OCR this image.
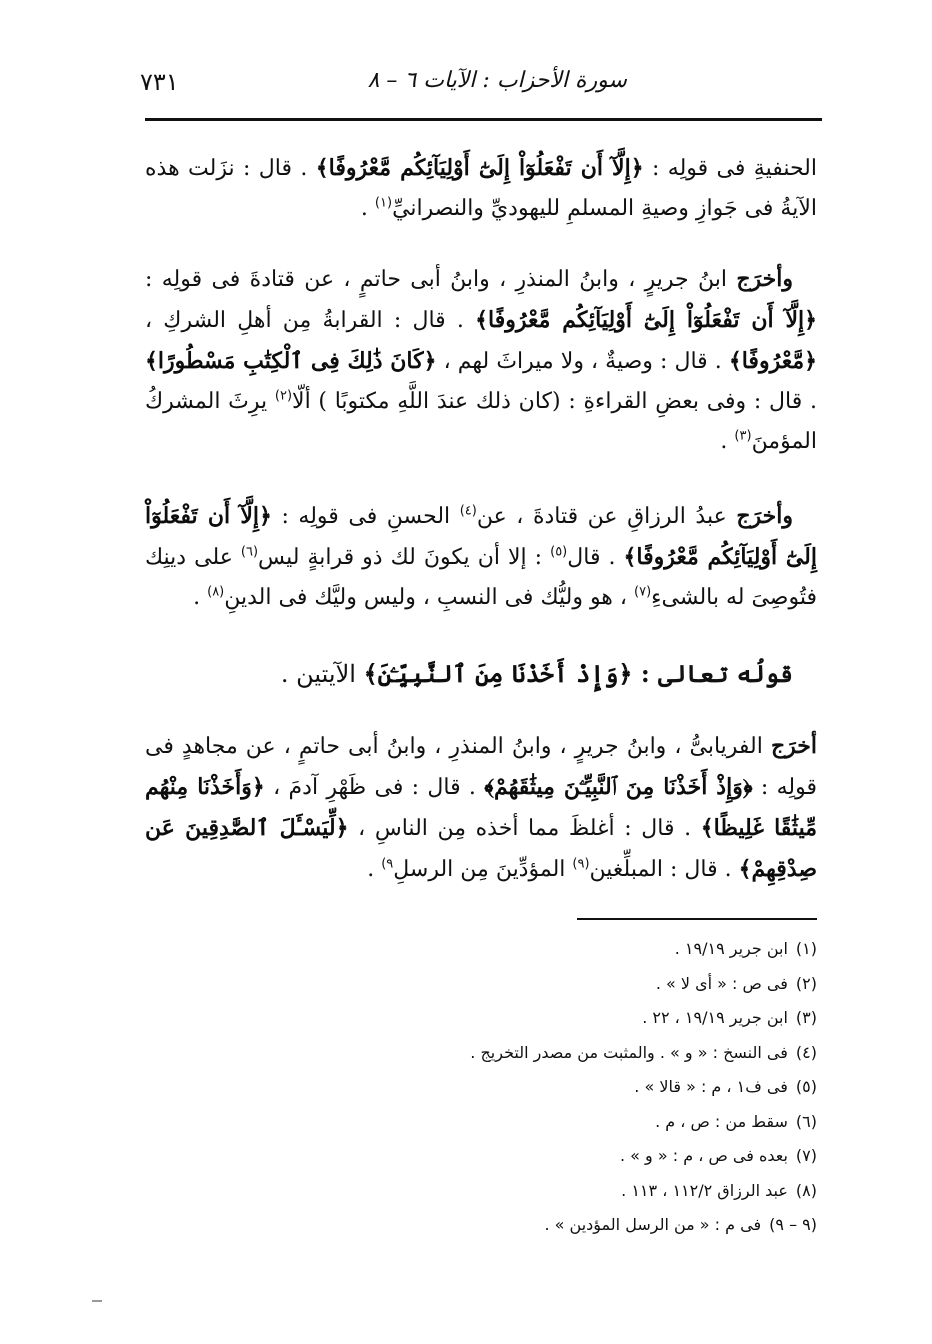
سورة الأحزاب : الآيات ٦ – ٨
٧٣١

الحنفيةِ فى قولِه : ﴿إِلَّآ أَن تَفْعَلُوٓاْ إِلَىٰٓ أَوْلِيَآئِكُم مَّعْرُوفًا﴾ . قال : نزَلت هذه الآيةُ فى جَوازِ وصيةِ المسلمِ لليهوديِّ والنصرانيِّ$^{(١)}$ .

وأخرَج ابنُ جريرٍ ، وابنُ المنذرِ ، وابنُ أبى حاتمٍ ، عن قتادةَ فى قولِه : ﴿إِلَّآ أَن تَفْعَلُوٓاْ إِلَىٰٓ أَوْلِيَآئِكُم مَّعْرُوفًا﴾ . قال : القرابةُ مِن أهلِ الشركِ ، ﴿مَّعْرُوفًا﴾ . قال : وصيةٌ ، ولا ميراثَ لهم ، ﴿كَانَ ذَٰلِكَ فِى ٱلْكِتَٰبِ مَسْطُورًا﴾ . قال : وفى بعضِ القراءةِ : (كان ذلك عندَ اللَّهِ مكتوبًا ) ألّا$^{(٢)}$ يرِثَ المشركُ المؤمنَ$^{(٣)}$ .

وأخرَج عبدُ الرزاقِ عن قتادةَ ، عن$^{(٤)}$ الحسنِ فى قولِه : ﴿إِلَّآ أَن تَفْعَلُوٓاْ إِلَىٰٓ أَوْلِيَآئِكُم مَّعْرُوفًا﴾ . قال$^{(٥)}$ : إلا أن يكونَ لك ذو قرابةٍ ليس$^{(٦)}$ على دينِك فتُوصِىَ له بالشىءِ$^{(٧)}$ ، هو وليُّك فى النسبِ ، وليس وليَّك فى الدينِ$^{(٨)}$ .

قولُه تعالى : ﴿وَإِذْ أَخَذْنَا مِنَ ٱلنَّبِيِّـۧنَ﴾ الآيتين .

أخرَج الفريابىُّ ، وابنُ جريرٍ ، وابنُ المنذرِ ، وابنُ أبى حاتمٍ ، عن مجاهدٍ فى قولِه : ﴿وَإِذْ أَخَذْنَا مِنَ ٱلنَّبِيِّـۧنَ مِيثَٰقَهُمْ﴾ . قال : فى ظَهْرِ آدمَ ، ﴿وَأَخَذْنَا مِنْهُم مِّيثَٰقًا غَلِيظًا﴾ . قال : أغلظَ مما أخذه مِن الناسِ ، ﴿لِّيَسْـَٔلَ ٱلصَّٰدِقِينَ عَن صِدْقِهِمْ﴾ . قال : المبلِّغين$^{(٩)}$ المؤدِّينَ مِن الرسلِ$^{٩)}$ .

(١)ابن جرير ١٩/١٩ .
(٢)فى ص : « أى لا » .
(٣)ابن جرير ١٩/١٩ ، ٢٢ .
(٤)فى النسخ : « و » . والمثبت من مصدر التخريج .
(٥)فى ف١ ، م : « قالا » .
(٦)سقط من : ص ، م .
(٧)بعده فى ص ، م : « و » .
(٨)عبد الرزاق ١١٢/٢ ، ١١٣ .
(٩ – ٩)فى م : « من الرسل المؤدين » .
